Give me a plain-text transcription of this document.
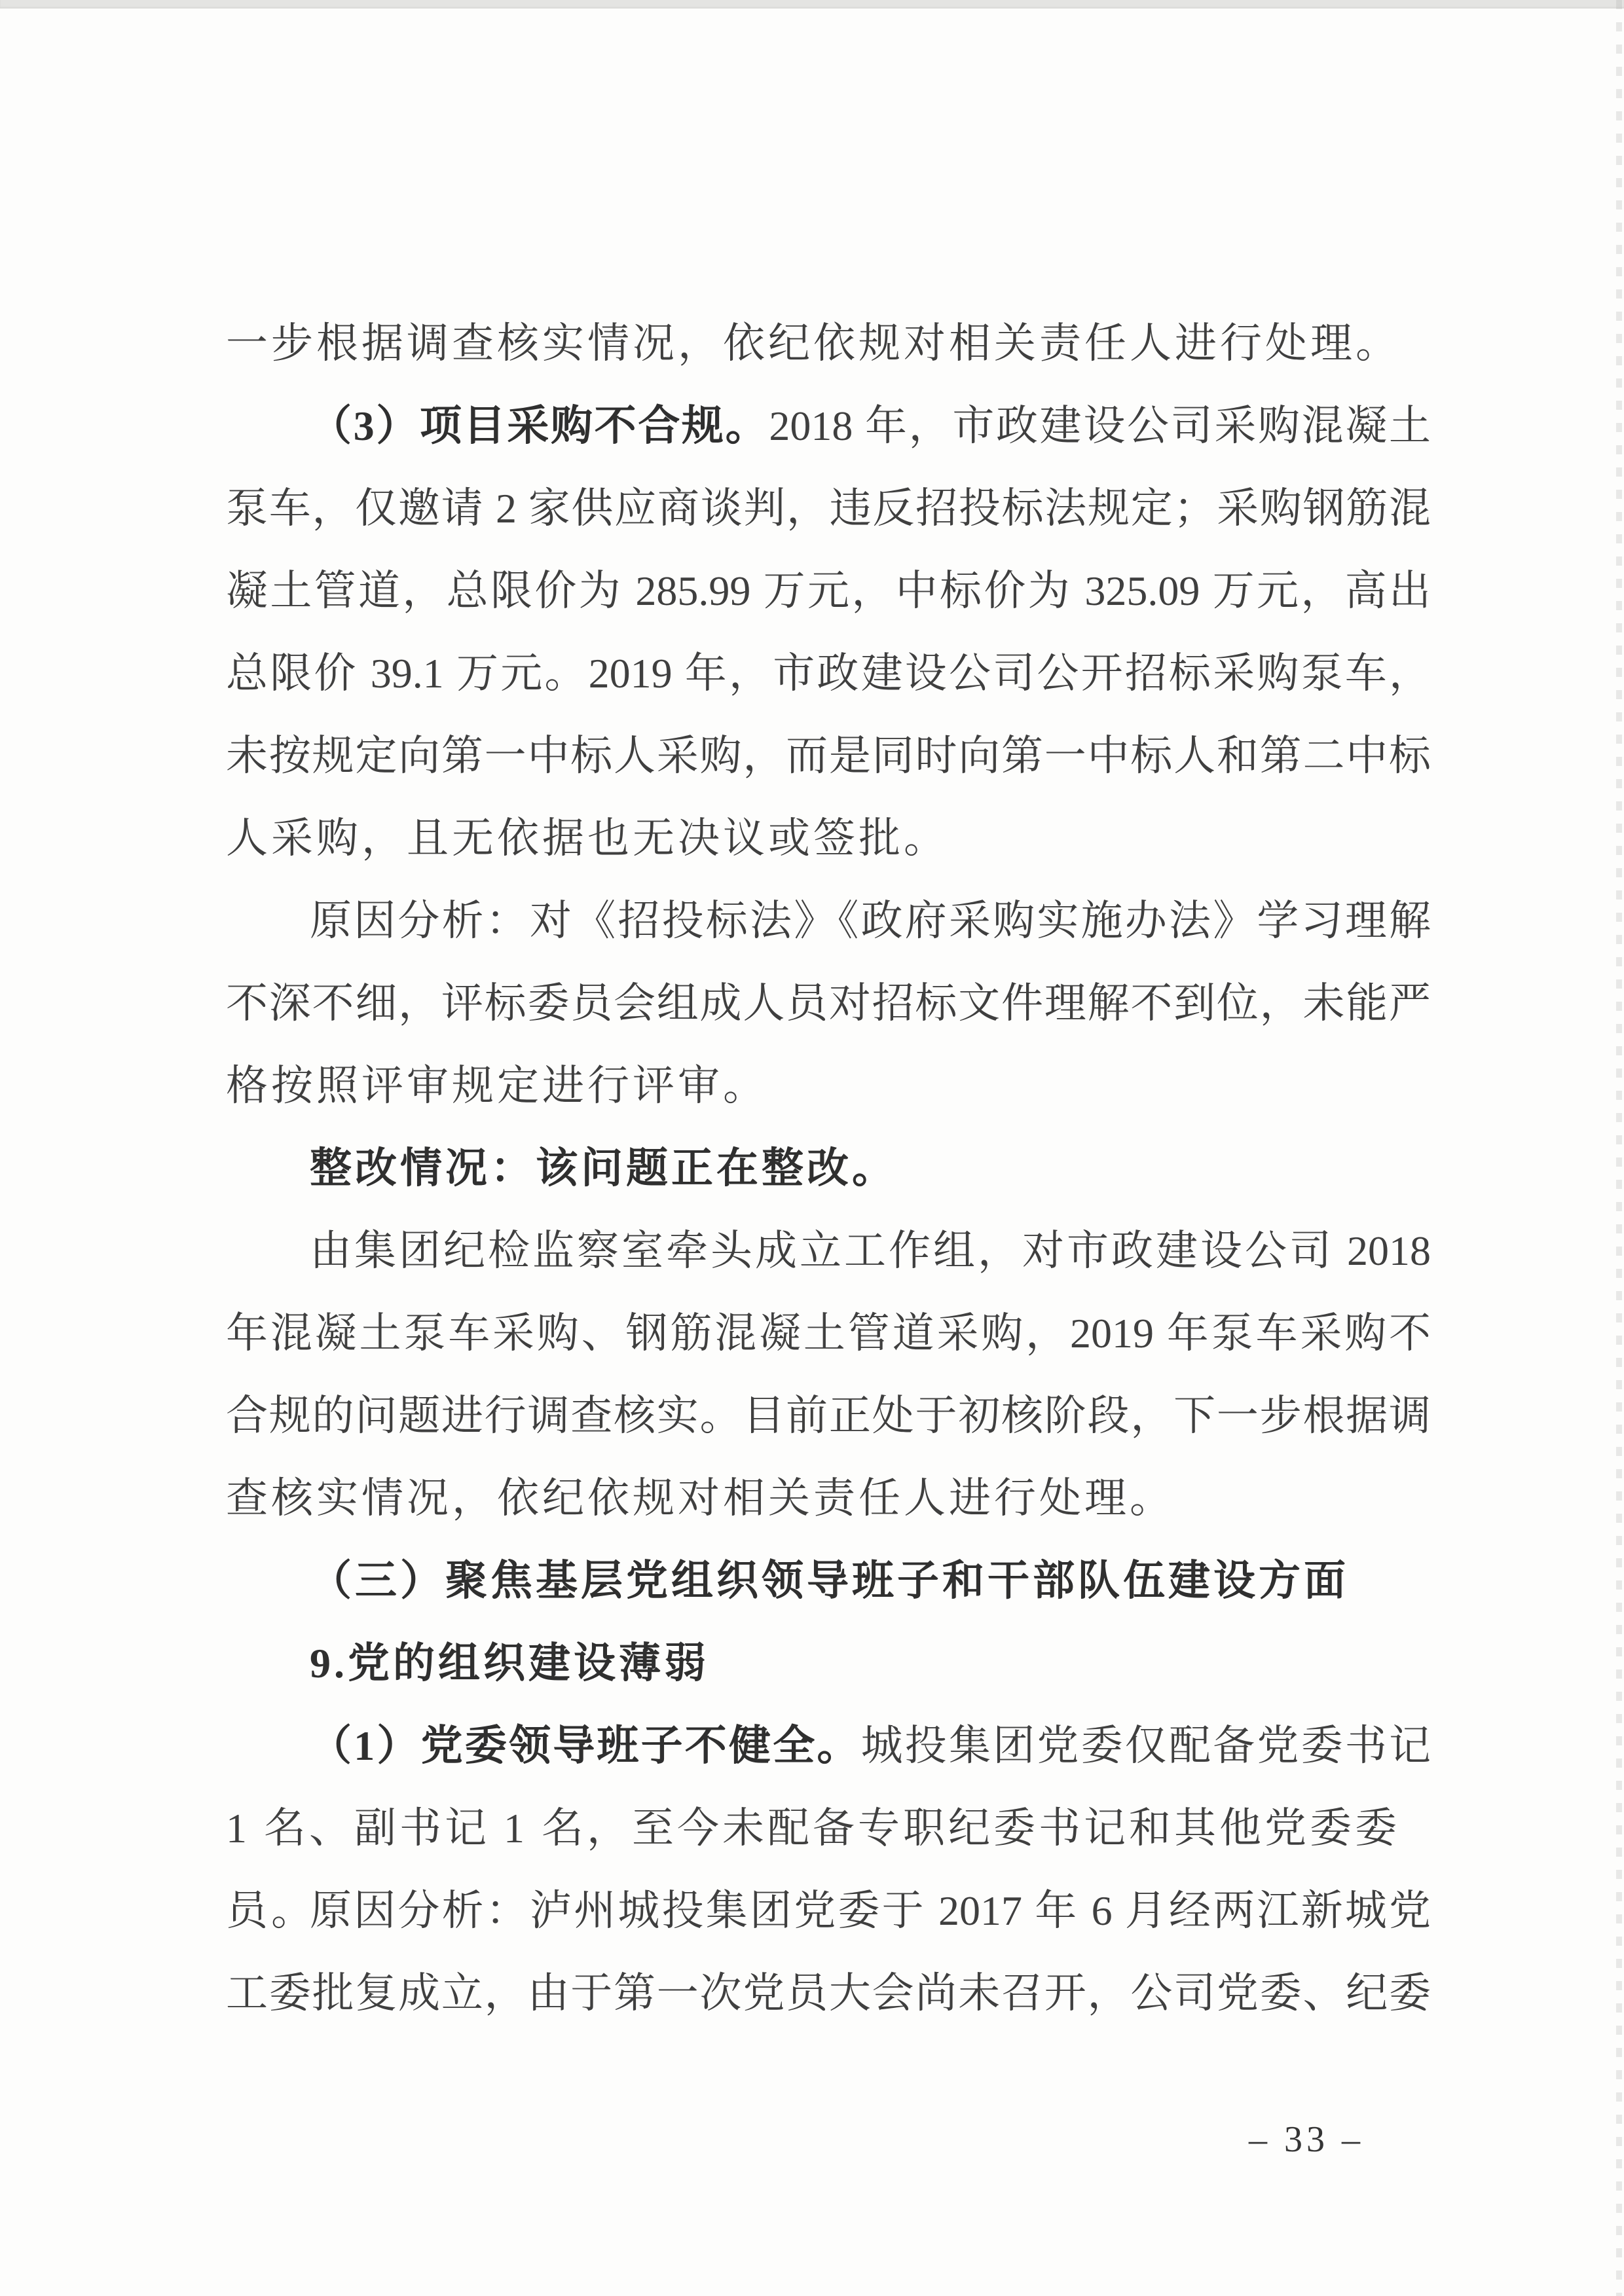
一步根据调查核实情况，依纪依规对相关责任人进行处理。
（3）项目采购不合规。2018 年，市政建设公司采购混凝土
泵车，仅邀请 2 家供应商谈判，违反招投标法规定；采购钢筋混
凝土管道，总限价为 285.99 万元，中标价为 325.09 万元，高出
总限价 39.1 万元。2019 年，市政建设公司公开招标采购泵车，
未按规定向第一中标人采购，而是同时向第一中标人和第二中标
人采购，且无依据也无决议或签批。
原因分析：对《招投标法》《政府采购实施办法》学习理解
不深不细，评标委员会组成人员对招标文件理解不到位，未能严
格按照评审规定进行评审。
整改情况：该问题正在整改。
由集团纪检监察室牵头成立工作组，对市政建设公司 2018
年混凝土泵车采购、钢筋混凝土管道采购，2019 年泵车采购不
合规的问题进行调查核实。目前正处于初核阶段，下一步根据调
查核实情况，依纪依规对相关责任人进行处理。
（三）聚焦基层党组织领导班子和干部队伍建设方面
9.党的组织建设薄弱
（1）党委领导班子不健全。城投集团党委仅配备党委书记
1 名、副书记 1 名，至今未配备专职纪委书记和其他党委委员。
原因分析：泸州城投集团党委于 2017 年 6 月经两江新城党
工委批复成立，由于第一次党员大会尚未召开，公司党委、纪委
– 33 –
